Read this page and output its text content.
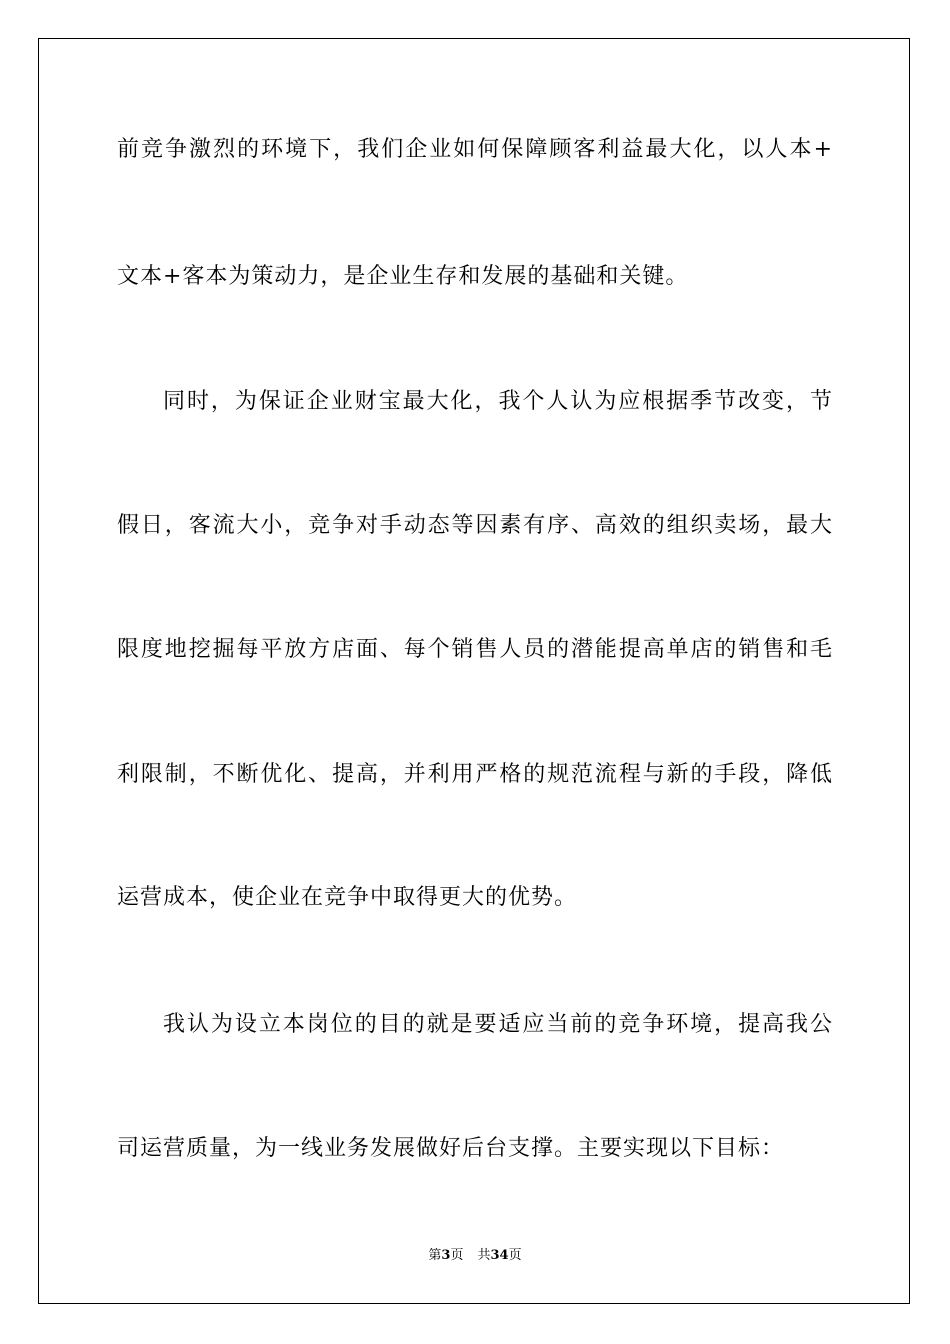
前竞争激烈的环境下，我们企业如何保障顾客利益最大化，以人本+
文本+客本为策动力，是企业生存和发展的基础和关键。
同时，为保证企业财宝最大化，我个人认为应根据季节改变，节
假日，客流大小，竞争对手动态等因素有序、高效的组织卖场，最大
限度地挖掘每平放方店面、每个销售人员的潜能提高单店的销售和毛
利限制，不断优化、提高，并利用严格的规范流程与新的手段，降低
运营成本，使企业在竞争中取得更大的优势。
我认为设立本岗位的目的就是要适应当前的竞争环境，提高我公
司运营质量，为一线业务发展做好后台支撑。主要实现以下目标：
第3页 共34页
